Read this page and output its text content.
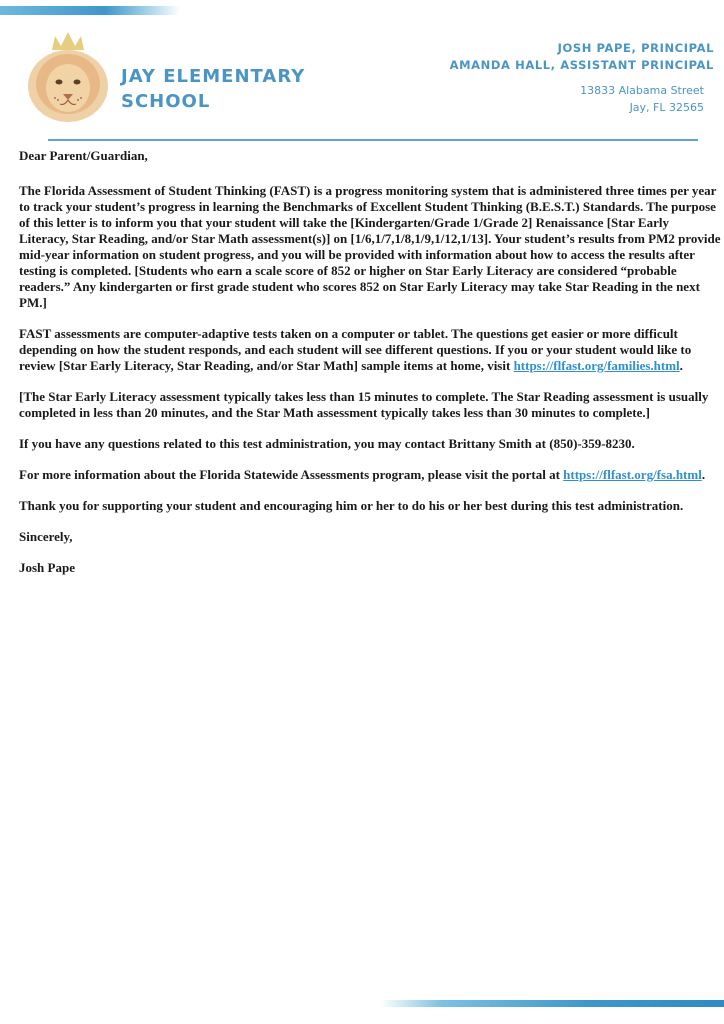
JAY ELEMENTARY
SCHOOL
JOSH PAPE, PRINCIPAL
AMANDA HALL, ASSISTANT PRINCIPAL
13833 Alabama Street
Jay, FL 32565

Dear Parent/Guardian,

The Florida Assessment of Student Thinking (FAST) is a progress monitoring system that is administered three times per year to track your student’s progress in learning the Benchmarks of Excellent Student Thinking (B.E.S.T.) Standards. The purpose of this letter is to inform you that your student will take the [Kindergarten/Grade 1/Grade 2] Renaissance [Star Early Literacy, Star Reading, and/or Star Math assessment(s)] on [1/6,1/7,1/8,1/9,1/12,1/13]. Your student’s results from PM2 provide mid-year information on student progress, and you will be provided with information about how to access the results after testing is completed. [Students who earn a scale score of 852 or higher on Star Early Literacy are considered “probable readers.” Any kindergarten or first grade student who scores 852 on Star Early Literacy may take Star Reading in the next PM.]

FAST assessments are computer-adaptive tests taken on a computer or tablet. The questions get easier or more difficult depending on how the student responds, and each student will see different questions. If you or your student would like to review [Star Early Literacy, Star Reading, and/or Star Math] sample items at home, visit https://flfast.org/families.html.

[The Star Early Literacy assessment typically takes less than 15 minutes to complete. The Star Reading assessment is usually completed in less than 20 minutes, and the Star Math assessment typically takes less than 30 minutes to complete.]

If you have any questions related to this test administration, you may contact Brittany Smith at (850)-359-8230.

For more information about the Florida Statewide Assessments program, please visit the portal at https://flfast.org/fsa.html.

Thank you for supporting your student and encouraging him or her to do his or her best during this test administration.

Sincerely,

Josh Pape
